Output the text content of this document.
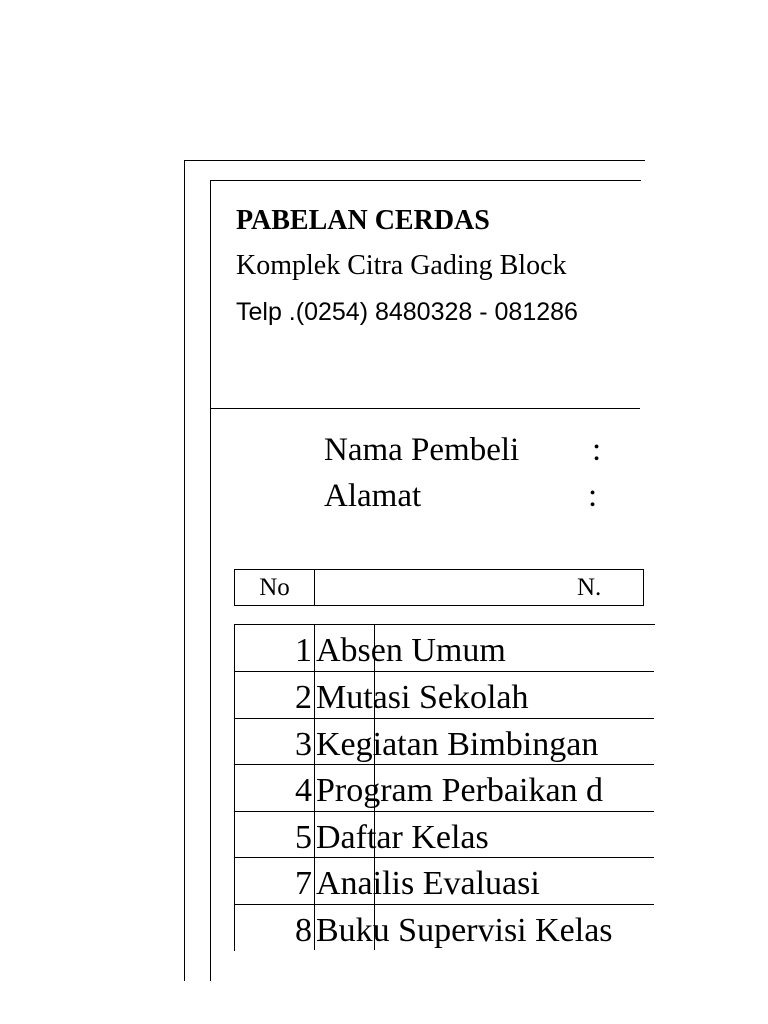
PABELAN CERDAS
Komplek Citra Gading Block
Telp .(0254) 8480328 - 081286
Nama Pembeli :
Alamat	:
No	N.
1 Absen Umum
2 Mutasi Sekolah
3 Kegiatan Bimbingan
4 Program Perbaikan d
5 Daftar Kelas
7 Anailis Evaluasi
8 Buku Supervisi Kelas
